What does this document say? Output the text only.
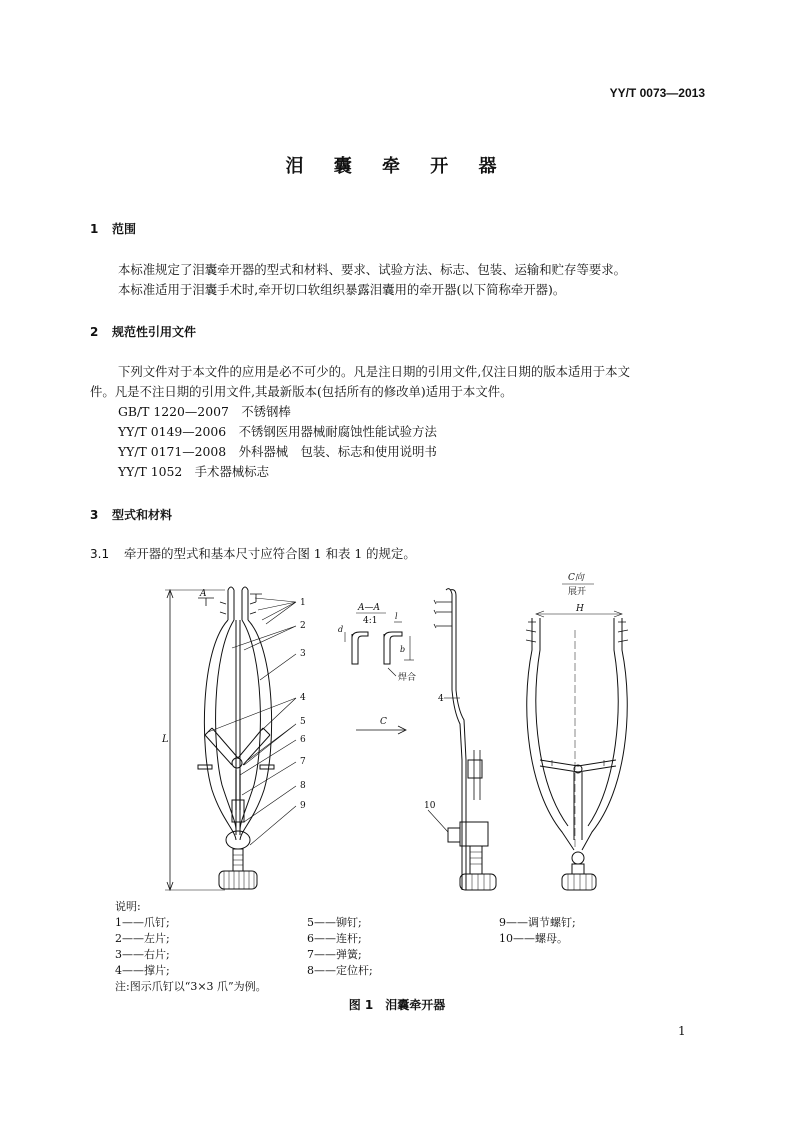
YY/T 0073—2013
泪 囊 牵 开 器
1 范围
本标准规定了泪囊牵开器的型式和材料、要求、试验方法、标志、包装、运输和贮存等要求。
本标准适用于泪囊手术时,牵开切口软组织暴露泪囊用的牵开器(以下简称牵开器)。
2 规范性引用文件
下列文件对于本文件的应用是必不可少的。凡是注日期的引用文件,仅注日期的版本适用于本文
件。凡是不注日期的引用文件,其最新版本(包括所有的修改单)适用于本文件。
GB/T 1220—2007　 不锈钢棒
YY/T 0149—2006　 不锈钢医用器械耐腐蚀性能试验方法
YY/T 0171—2008　 外科器械　包装、标志和使用说明书
YY/T 1052　 手术器械标志
3 型式和材料
3.1 牵开器的型式和基本尺寸应符合图 1 和表 1 的规定。
L
A
1
2
3
4
5
6
7
8
9
A—A
4:1
d
l
b
焊合
C
4
10
C向
展开
H
说明:
1——爪钉;	5——铆钉;	9——调节螺钉;
2——左片;	6——连杆;	10——螺母。
3——右片;	7——弹簧;
4——撑片;	8——定位杆;
注:图示爪钉以“3×3 爪”为例。
图 1　泪囊牵开器
1
